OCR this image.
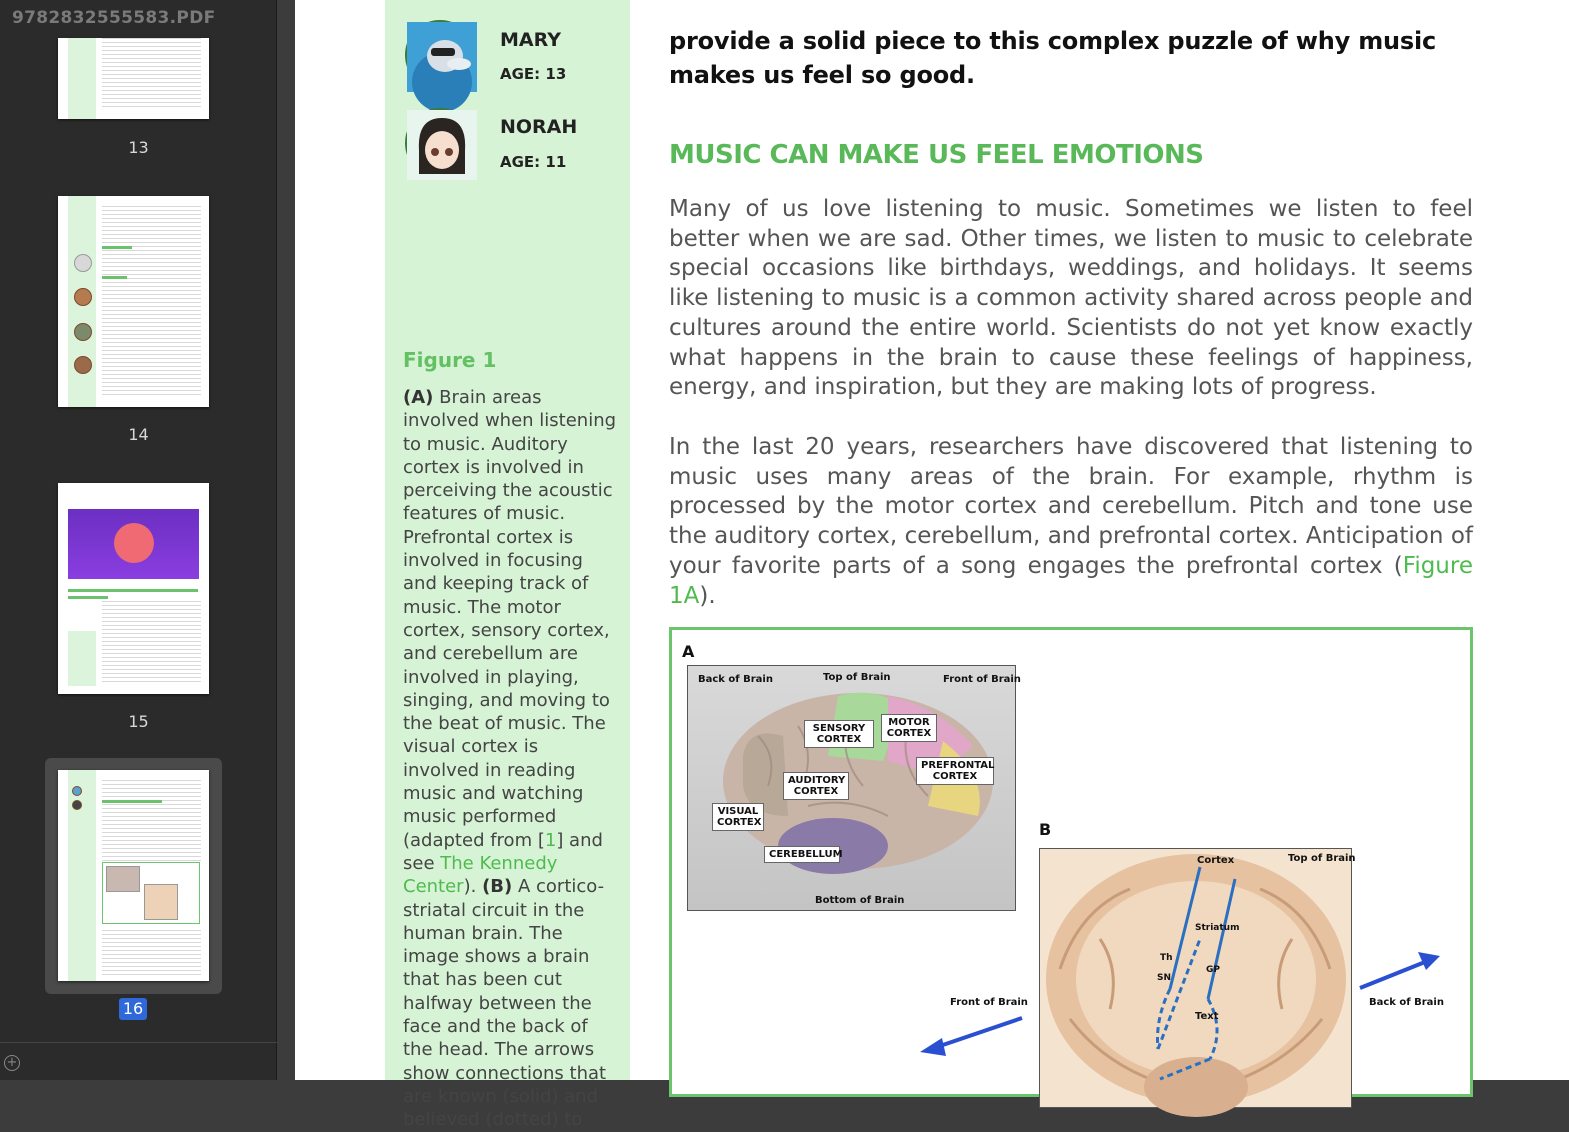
9782832555583.PDF
13
14
15
16
+
MARY
AGE: 13
NORAH
AGE: 11
Figure 1
(A) Brain areas involved when listening to music. Auditory cortex is involved in perceiving the acoustic features of music. Prefrontal cortex is involved in focusing and keeping track of music. The motor cortex, sensory cortex, and cerebellum are involved in playing, singing, and moving to the beat of music. The visual cortex is involved in reading music and watching music performed (adapted from [1] and see The Kennedy Center). (B) A cortico-striatal circuit in the human brain. The image shows a brain that has been cut halfway between the face and the back of the head. The arrows show connections that are known (solid) and believed (dotted) to
provide a solid piece to this complex puzzle of why music makes us feel so good.
MUSIC CAN MAKE US FEEL EMOTIONS
Many of us love listening to music. Sometimes we listen to feel better when we are sad. Other times, we listen to music to celebrate special occasions like birthdays, weddings, and holidays. It seems like listening to music is a common activity shared across people and cultures around the entire world. Scientists do not yet know exactly what happens in the brain to cause these feelings of happiness, energy, and inspiration, but they are making lots of progress.
In the last 20 years, researchers have discovered that listening to music uses many areas of the brain. For example, rhythm is processed by the motor cortex and cerebellum. Pitch and tone use the auditory cortex, cerebellum, and prefrontal cortex. Anticipation of your favorite parts of a song engages the prefrontal cortex (Figure 1A).
A
Back of Brain	Top of Brain	Front of Brain
SENSORY CORTEX
MOTOR CORTEX
PREFRONTAL CORTEX
AUDITORY CORTEX
VISUAL CORTEX
CEREBELLUM
Bottom of Brain
B
Cortex	Top of Brain
Striatum
Th
GP
SN
Text
Front of Brain	Back of Brain
